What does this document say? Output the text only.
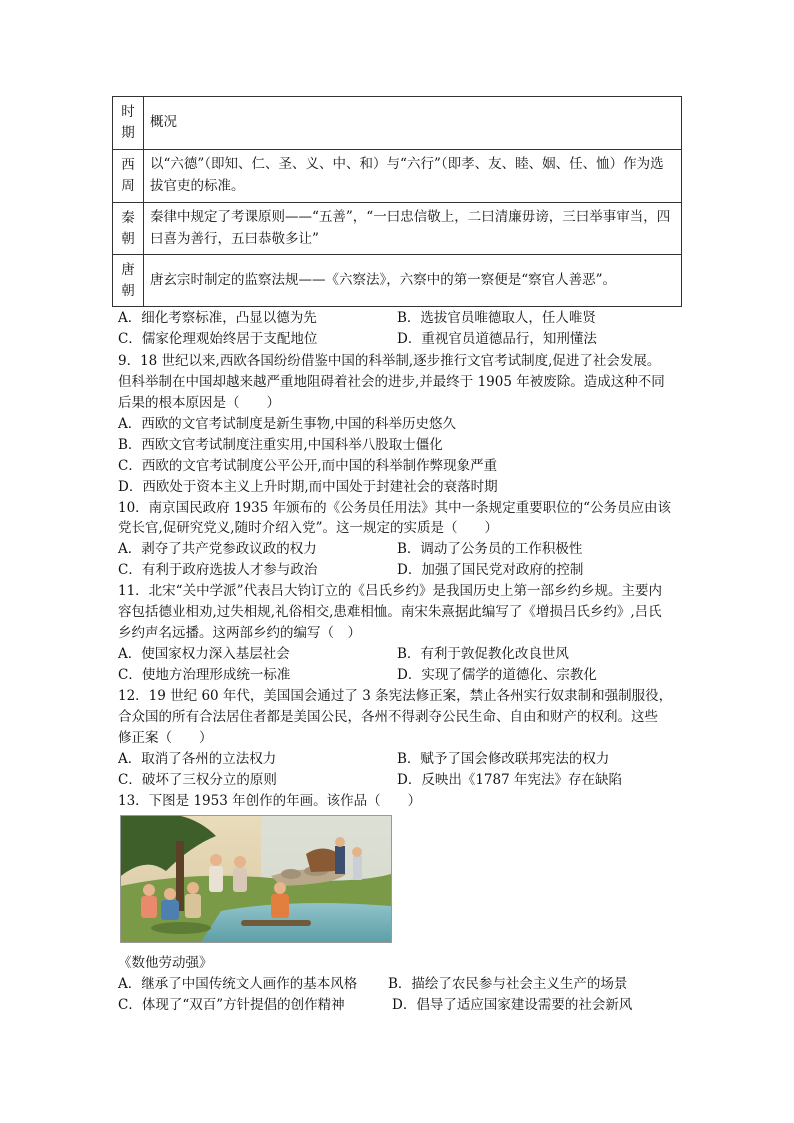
时期	概况

西周	以“六德”（即知、仁、圣、义、中、和）与“六行”（即孝、友、睦、姻、任、恤）作为选拔官吏的标准。

秦朝	秦律中规定了考课原则——“五善”，“一曰忠信敬上，二曰清廉毋谤，三曰举事审当，四曰喜为善行，五曰恭敬多让”

唐朝	唐玄宗时制定的监察法规——《六察法》，六察中的第一察便是“察官人善恶”。
A．细化考察标准，凸显以德为先	B．选拔官员唯德取人，任人唯贤
C．儒家伦理观始终居于支配地位	D．重视官员道德品行，知刑懂法
9．18 世纪以来,西欧各国纷纷借鉴中国的科举制,逐步推行文官考试制度,促进了社会发展。
但科举制在中国却越来越严重地阻碍着社会的进步,并最终于 1905 年被废除。造成这种不同
后果的根本原因是（　　）
A．西欧的文官考试制度是新生事物,中国的科举历史悠久
B．西欧文官考试制度注重实用,中国科举八股取士僵化
C．西欧的文官考试制度公平公开,而中国的科举制作弊现象严重
D．西欧处于资本主义上升时期,而中国处于封建社会的衰落时期
10．南京国民政府 1935 年颁布的《公务员任用法》其中一条规定重要职位的“公务员应由该
党长官,促研究党义,随时介绍入党”。这一规定的实质是（　　）
A．剥夺了共产党参政议政的权力	B．调动了公务员的工作积极性
C．有利于政府选拔人才参与政治	D．加强了国民党对政府的控制
11．北宋“关中学派”代表吕大钧订立的《吕氏乡约》是我国历史上第一部乡约乡规。主要内
容包括德业相劝,过失相规,礼俗相交,患难相恤。南宋朱熹据此编写了《增损吕氏乡约》,吕氏
乡约声名远播。这两部乡约的编写（　）
A．使国家权力深入基层社会	B．有利于敦促教化改良世风
C．使地方治理形成统一标准	D．实现了儒学的道德化、宗教化
12．19 世纪 60 年代，美国国会通过了 3 条宪法修正案，禁止各州实行奴隶制和强制服役，
合众国的所有合法居住者都是美国公民，各州不得剥夺公民生命、自由和财产的权利。这些
修正案（　　）
A．取消了各州的立法权力	B．赋予了国会修改联邦宪法的权力
C．破坏了三权分立的原则	D．反映出《1787 年宪法》存在缺陷
13．下图是 1953 年创作的年画。该作品（　　）
《数他劳动强》
A．继承了中国传统文人画作的基本风格 B．描绘了农民参与社会主义生产的场景
C．体现了“双百”方针提倡的创作精神	D．倡导了适应国家建设需要的社会新风
